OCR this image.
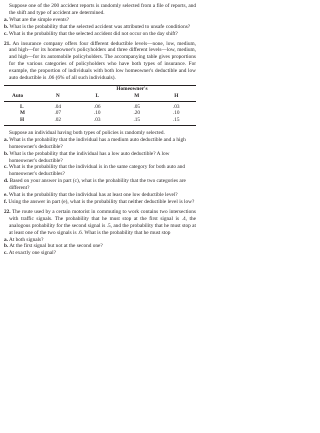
Suppose one of the 200 accident reports is randomly selected from a file of reports, and the shift and type of accident are determined.

a. What are the simple events?

b. What is the probability that the selected accident was attributed to unsafe conditions?

c. What is the probability that the selected accident did not occur on the day shift?

21. An insurance company offers four different deductible levels—none, low, medium, and high—for its homeowner's policyholders and three different levels—low, medium, and high—for its automobile policyholders. The accompanying table gives proportions for the various categories of policyholders who have both types of insurance. For example, the proportion of individuals with both low homeowner's deductible and low auto deductible is .06 (6% of all such individuals).

	Homeowner's			
Auto	N	L	M	H

L	.04	.06	.05	.03
M	.07	.10	.20	.10
H	.02	.03	.15	.15

Suppose an individual having both types of policies is randomly selected.

a. What is the probability that the individual has a medium auto deductible and a high homeowner's deductible?

b. What is the probability that the individual has a low auto deductible? A low homeowner's deductible?

c. What is the probability that the individual is in the same category for both auto and homeowner's deductibles?

d. Based on your answer in part (c), what is the probability that the two categories are different?

e. What is the probability that the individual has at least one low deductible level?

f. Using the answer in part (e), what is the probability that neither deductible level is low?

22. The route used by a certain motorist in commuting to work contains two intersections with traffic signals. The probability that he must stop at the first signal is .4, the analogous probability for the second signal is .5, and the probability that he must stop at at least one of the two signals is .6. What is the probability that he must stop

a. At both signals?

b. At the first signal but not at the second one?

c. At exactly one signal?
